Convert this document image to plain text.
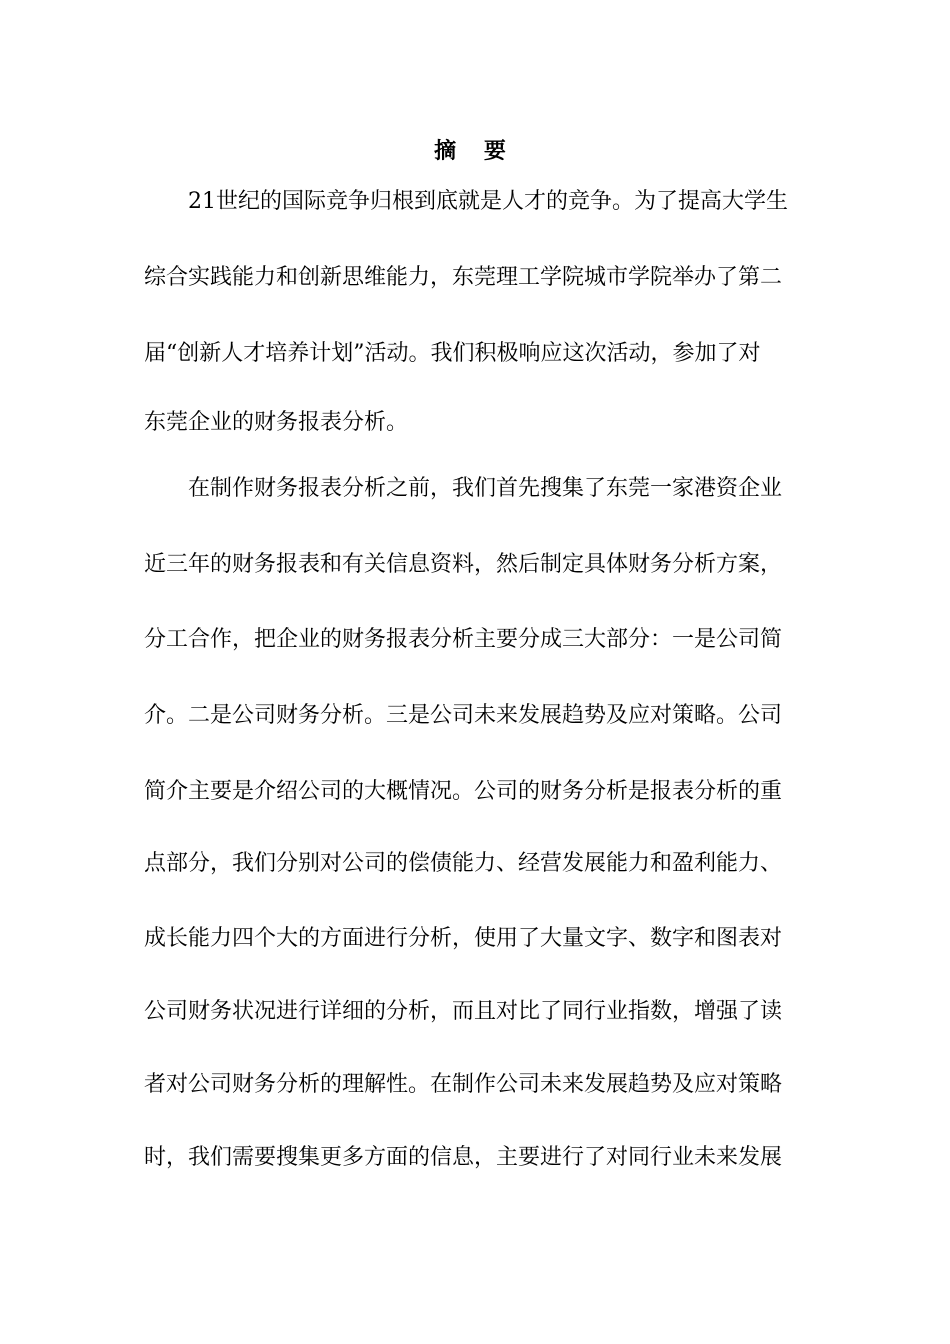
摘 要
21世纪的国际竞争归根到底就是人才的竞争。为了提高大学生
综合实践能力和创新思维能力，东莞理工学院城市学院举办了第二
届“创新人才培养计划”活动。我们积极响应这次活动，参加了对
东莞企业的财务报表分析。
在制作财务报表分析之前，我们首先搜集了东莞一家港资企业
近三年的财务报表和有关信息资料，然后制定具体财务分析方案，
分工合作，把企业的财务报表分析主要分成三大部分：一是公司简
介。二是公司财务分析。三是公司未来发展趋势及应对策略。公司
简介主要是介绍公司的大概情况。公司的财务分析是报表分析的重
点部分，我们分别对公司的偿债能力、经营发展能力和盈利能力、
成长能力四个大的方面进行分析，使用了大量文字、数字和图表对
公司财务状况进行详细的分析，而且对比了同行业指数，增强了读
者对公司财务分析的理解性。在制作公司未来发展趋势及应对策略
时，我们需要搜集更多方面的信息，主要进行了对同行业未来发展
